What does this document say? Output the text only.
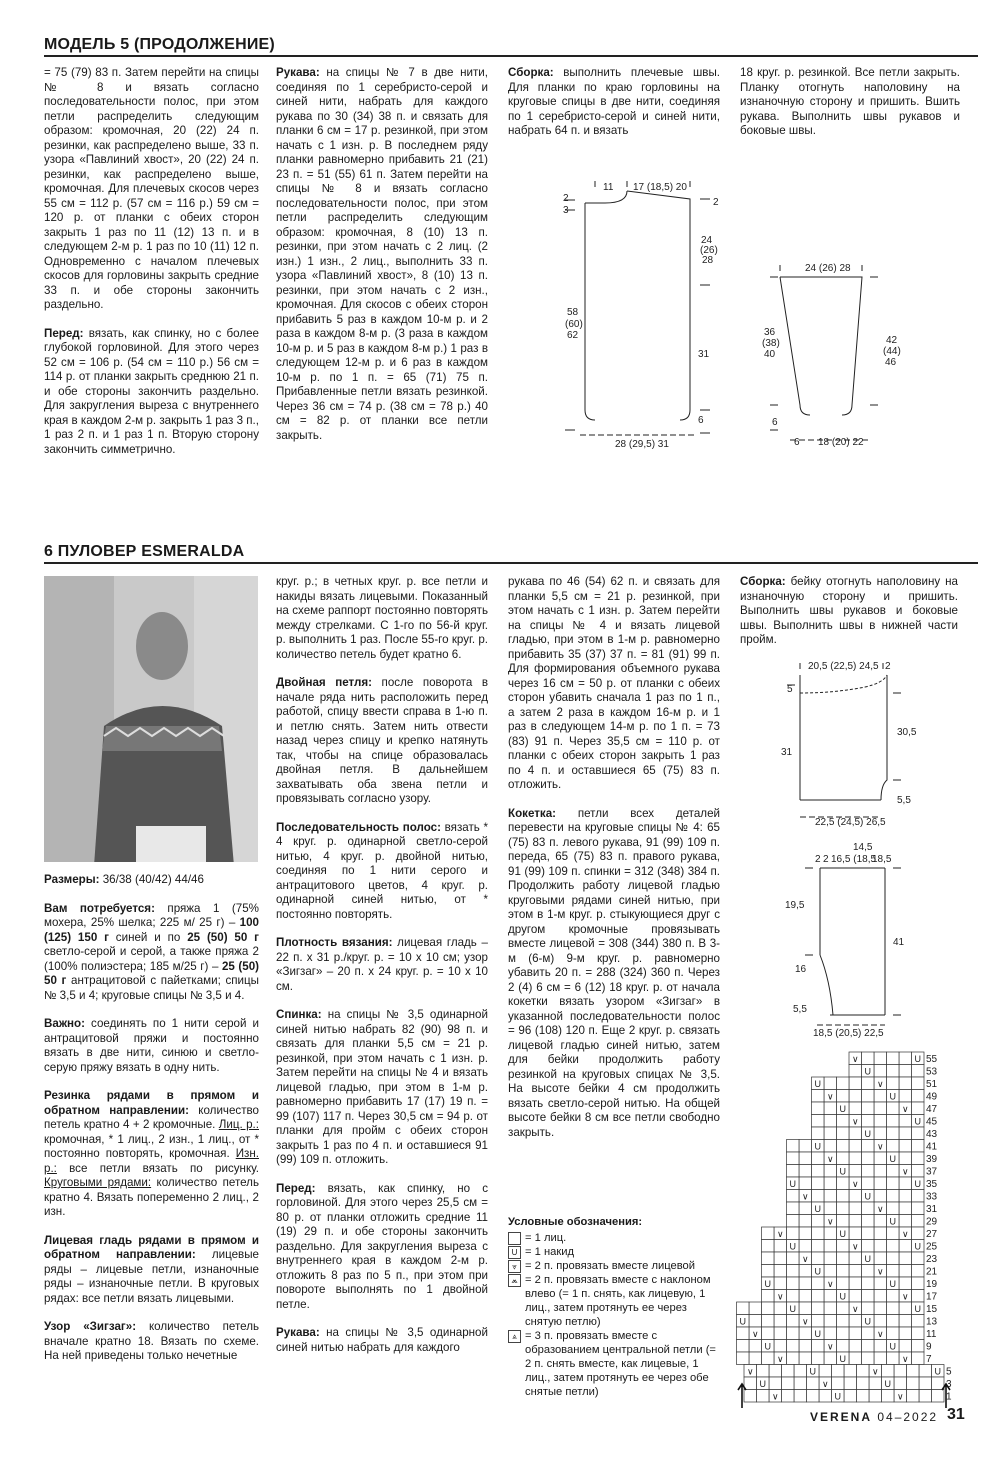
МОДЕЛЬ 5 (ПРОДОЛЖЕНИЕ)

= 75 (79) 83 п. Затем перейти на спицы № 8 и вязать согласно последовательности полос, при этом петли распределить следующим образом: кромочная, 20 (22) 24 п. резинки, как распределено выше, 33 п. узора «Павлиний хвост», 20 (22) 24 п. резинки, как распределено выше, кромочная. Для плечевых скосов через 55 см = 112 р. (57 см = 116 р.) 59 см = 120 р. от планки с обеих сторон закрыть 1 раз по 11 (12) 13 п. и в следующем 2-м р. 1 раз по 10 (11) 12 п. Одновременно с началом плечевых скосов для горловины закрыть средние 33 п. и обе стороны закончить раздельно.

Перед: вязать, как спинку, но с более глубокой горловиной. Для этого через 52 см = 106 р. (54 см = 110 р.) 56 см = 114 р. от планки закрыть среднюю 21 п. и обе стороны закончить раздельно. Для закругления выреза с внутреннего края в каждом 2-м р. закрыть 1 раз 3 п., 1 раз 2 п. и 1 раз 1 п. Вторую сторону закончить симметрично.

Рукава: на спицы № 7 в две нити, соединяя по 1 серебристо-серой и синей нити, набрать для каждого рукава по 30 (34) 38 п. и связать для планки 6 см = 17 р. резинкой, при этом начать с 1 изн. р. В последнем ряду планки равномерно прибавить 21 (21) 23 п. = 51 (55) 61 п. Затем перейти на спицы № 8 и вязать согласно последовательности полос, при этом петли распределить следующим образом: кромочная, 8 (10) 13 п. резинки, при этом начать с 2 лиц. (2 изн.) 1 изн., 2 лиц., выполнить 33 п. узора «Павлиний хвост», 8 (10) 13 п. резинки, при этом начать с 2 изн., кромочная. Для скосов с обеих сторон прибавить 5 раз в каждом 10-м р. и 2 раза в каждом 8-м р. (3 раза в каждом 10-м р. и 5 раз в каждом 8-м р.) 1 раз в следующем 12-м р. и 6 раз в каждом 10-м р. по 1 п. = 65 (71) 75 п. Прибавленные петли вязать резинкой. Через 36 см = 74 р. (38 см = 78 р.) 40 см = 82 р. от планки все петли закрыть.

Сборка: выполнить плечевые швы. Для планки по краю горловины на круговые спицы в две нити, соединяя по 1 серебристо-серой и синей нити, набрать 64 п. и вязать

18 круг. р. резинкой. Все петли закрыть. Планку отогнуть наполовину на изнаночную сторону и пришить. Вшить рукава. Выполнить швы рукавов и боковые швы.

11 17 (18,5) 20
2
3
2
24
(26)
28
58
(60)
62
31
6
28 (29,5) 31
24 (26) 28
36
(38)
40
42
(44)
46
6
6 18 (20) 22
6 ПУЛОВЕР ESMERALDA

Размеры: 36/38 (40/42) 44/46

Вам потребуется: пряжа 1 (75% мохера, 25% шелка; 225 м/ 25 г) – 100 (125) 150 г синей и по 25 (50) 50 г светло-серой и серой, а также пряжа 2 (100% полиэстера; 185 м/25 г) – 25 (50) 50 г антрацитовой с пайетками; спицы № 3,5 и 4; круговые спицы № 3,5 и 4.

Важно: соединять по 1 нити серой и антрацитовой пряжи и постоянно вязать в две нити, синюю и светло-серую пряжу вязать в одну нить.

Резинка рядами в прямом и обратном направлении: количество петель кратно 4 + 2 кромочные. Лиц. р.: кромочная, * 1 лиц., 2 изн., 1 лиц., от * постоянно повторять, кромочная. Изн. р.: все петли вязать по рисунку. Круговыми рядами: количество петель кратно 4. Вязать попеременно 2 лиц., 2 изн.

Лицевая гладь рядами в прямом и обратном направлении: лицевые ряды – лицевые петли, изнаночные ряды – изнаночные петли. В круговых рядах: все петли вязать лицевыми.

Узор «Зигзаг»: количество петель вначале кратно 18. Вязать по схеме. На ней приведены только нечетные

круг. р.; в четных круг. р. все петли и накиды вязать лицевыми. Показанный на схеме раппорт постоянно повторять между стрелками. С 1-го по 56-й круг. р. выполнить 1 раз. После 55-го круг. р. количество петель будет кратно 6.

Двойная петля: после поворота в начале ряда нить расположить перед работой, спицу ввести справа в 1-ю п. и петлю снять. Затем нить отвести назад через спицу и крепко натянуть так, чтобы на спице образовалась двойная петля. В дальнейшем захватывать оба звена петли и провязывать согласно узору.

Последовательность полос: вязать * 4 круг. р. одинарной светло-серой нитью, 4 круг. р. двойной нитью, соединяя по 1 нити серого и антрацитового цветов, 4 круг. р. одинарной синей нитью, от * постоянно повторять.

Плотность вязания: лицевая гладь – 22 п. х 31 р./круг. р. = 10 х 10 см; узор «Зигзаг» – 20 п. х 24 круг. р. = 10 х 10 см.

Спинка: на спицы № 3,5 одинарной синей нитью набрать 82 (90) 98 п. и связать для планки 5,5 см = 21 р. резинкой, при этом начать с 1 изн. р. Затем перейти на спицы № 4 и вязать лицевой гладью, при этом в 1-м р. равномерно прибавить 17 (17) 19 п. = 99 (107) 117 п. Через 30,5 см = 94 р. от планки для пройм с обеих сторон закрыть 1 раз по 4 п. и оставшиеся 91 (99) 109 п. отложить.

Перед: вязать, как спинку, но с горловиной. Для этого через 25,5 см = 80 р. от планки отложить средние 11 (19) 29 п. и обе стороны закончить раздельно. Для закругления выреза с внутреннего края в каждом 2-м р. отложить 8 раз по 5 п., при этом при повороте выполнять по 1 двойной петле.

Рукава: на спицы № 3,5 одинарной синей нитью набрать для каждого

рукава по 46 (54) 62 п. и связать для планки 5,5 см = 21 р. резинкой, при этом начать с 1 изн. р. Затем перейти на спицы № 4 и вязать лицевой гладью, при этом в 1-м р. равномерно прибавить 35 (37) 37 п. = 81 (91) 99 п. Для формирования объемного рукава через 16 см = 50 р. от планки с обеих сторон убавить сначала 1 раз по 1 п., а затем 2 раза в каждом 16-м р. и 1 раз в следующем 14-м р. по 1 п. = 73 (83) 91 п. Через 35,5 см = 110 р. от планки с обеих сторон закрыть 1 раз по 4 п. и оставшиеся 65 (75) 83 п. отложить.

Кокетка: петли всех деталей перевести на круговые спицы № 4: 65 (75) 83 п. левого рукава, 91 (99) 109 п. переда, 65 (75) 83 п. правого рукава, 91 (99) 109 п. спинки = 312 (348) 384 п. Продолжить работу лицевой гладью круговыми рядами синей нитью, при этом в 1-м круг. р. стыкующиеся друг с другом кромочные провязывать вместе лицевой = 308 (344) 380 п. В 3-м (6-м) 9-м круг. р. равномерно убавить 20 п. = 288 (324) 360 п. Через 2 (4) 6 см = 6 (12) 18 круг. р. от начала кокетки вязать узором «Зигзаг» в указанной последовательности полос = 96 (108) 120 п. Еще 2 круг. р. связать лицевой гладью синей нитью, затем для бейки продолжить работу резинкой на круговых спицах № 3,5. На высоте бейки 4 см продолжить вязать светло-серой нитью. На общей высоте бейки 8 см все петли свободно закрыть.

Условные обозначения:
= 1 лиц.
U = 1 накид
⩔ = 2 п. провязать вместе лицевой
⩕ = 2 п. провязать вместе с наклоном влево (= 1 п. снять, как лицевую, 1 лиц., затем протянуть ее через снятую петлю)
⩓ = 3 п. провязать вместе с образованием центральной петли (= 2 п. снять вместе, как лицевые, 1 лиц., затем протянуть ее через обе снятые петли)

Сборка: бейку отогнуть наполовину на изнаночную сторону и пришить. Выполнить швы рукавов и боковые швы. Выполнить швы в нижней части пройм.

20,5 (22,5) 24,5 2
5
30,5
31
5,5
22,5 (24,5) 26,5
14,5
2 2 16,5 (18,5
18,5
19,5
41
16
5,5
18,5 (20,5) 22,5
U
∨	55
U	53
∨
U	51
U
∨	49
∨
U	47
U
∨	45
U	43
∨
U	41
U
∨	39
∨
U	37
U
∨
U	35
U
∨	33
∨
U	31
U
∨	29
∨
U
∨	27
U
∨
U	25
U
∨	23
∨
U	21
U
∨
U	19
∨
U
∨	17
U
∨
U	15
U
∨
U	13
∨
U
∨	11
U
∨
U	9
∨
U
∨	7
U
∨
U
∨	5
U
∨
U	3
∨
U
∨	1
VERENA 04–2022 31
